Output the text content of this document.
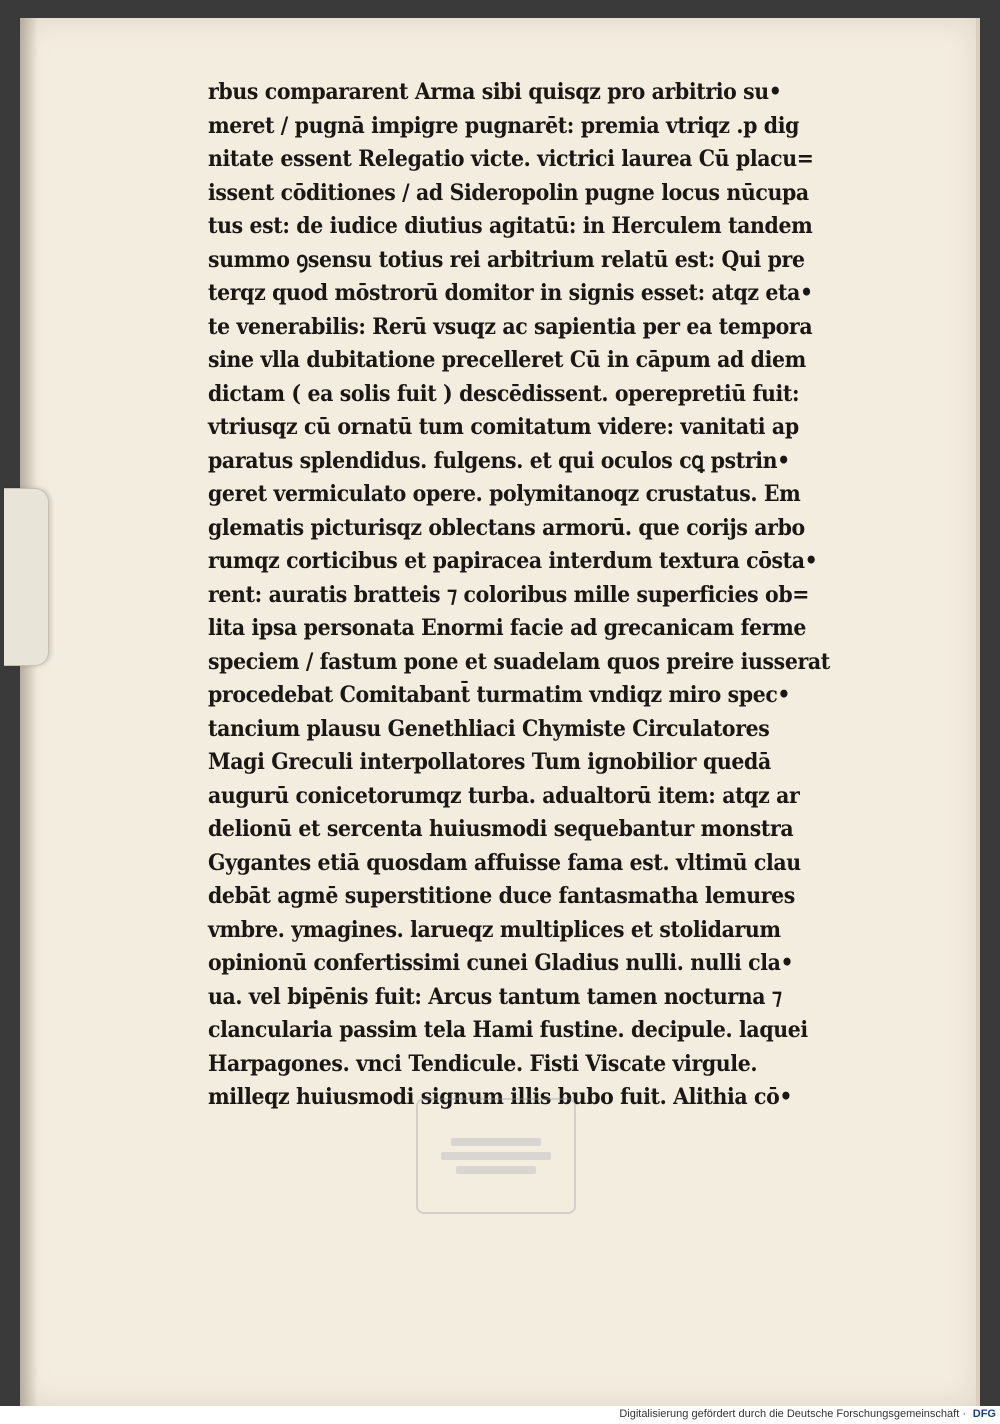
rbus compararent Arma sibi quisqz pro arbitrio su•
meret / pugnā impigre pugnarēt: premia vtriqz .p dig
nitate essent Relegatio victe. victrici laurea Cū placu=
issent cōditiones / ad Sideropolin pugne locus nūcupa
tus est: de iudice diutius agitatū: in Herculem tandem
summo ꝯsensu totius rei arbitrium relatū est: Qui pre
terqz quod mōstrorū domitor in signis esset: atqz eta•
te venerabilis: Rerū vsuqz ac sapientia per ea tempora
sine vlla dubitatione precelleret Cū in cāpum ad diem
dictam ( ea solis fuit ) descēdissent. operepretiū fuit:
vtriusqz cū ornatū tum comitatum videre: vanitati ap
paratus splendidus. fulgens. et qui oculos cꝗ pstrin•
geret vermiculato opere. polymitanoqz crustatus. Em
glematis picturisqz oblectans armorū. que corijs arbo
rumqz corticibus et papiracea interdum textura cōsta•
rent: auratis bratteis ⁊ coloribus mille superficies ob=
lita ipsa personata Enormi facie ad grecanicam ferme
speciem / fastum pone et suadelam quos preire iusserat
procedebat Comitabant̄ turmatim vndiqz miro spec•
tancium plausu Genethliaci Chymiste Circulatores
Magi Greculi interpollatores Tum ignobilior quedā
augurū conicetorumqz turba. adualtorū item: atqz ar
delionū et sercenta huiusmodi sequebantur monstra
Gygantes etiā quosdam affuisse fama est. vltimū clau
debāt agmē superstitione duce fantasmatha lemures
vmbre. ymagines. larueqz multiplices et stolidarum
opinionū confertissimi cunei Gladius nulli. nulli cla•
ua. vel bipēnis fuit: Arcus tantum tamen nocturna ⁊
clancularia passim tela Hami fustine. decipule. laquei
Harpagones. vnci Tendicule. Fisti Viscate virgule.
milleqz huiusmodi signum illis bubo fuit. Alithia cō•
Digitalisierung gefördert durch die Deutsche Forschungsgemeinschaft · DFG
